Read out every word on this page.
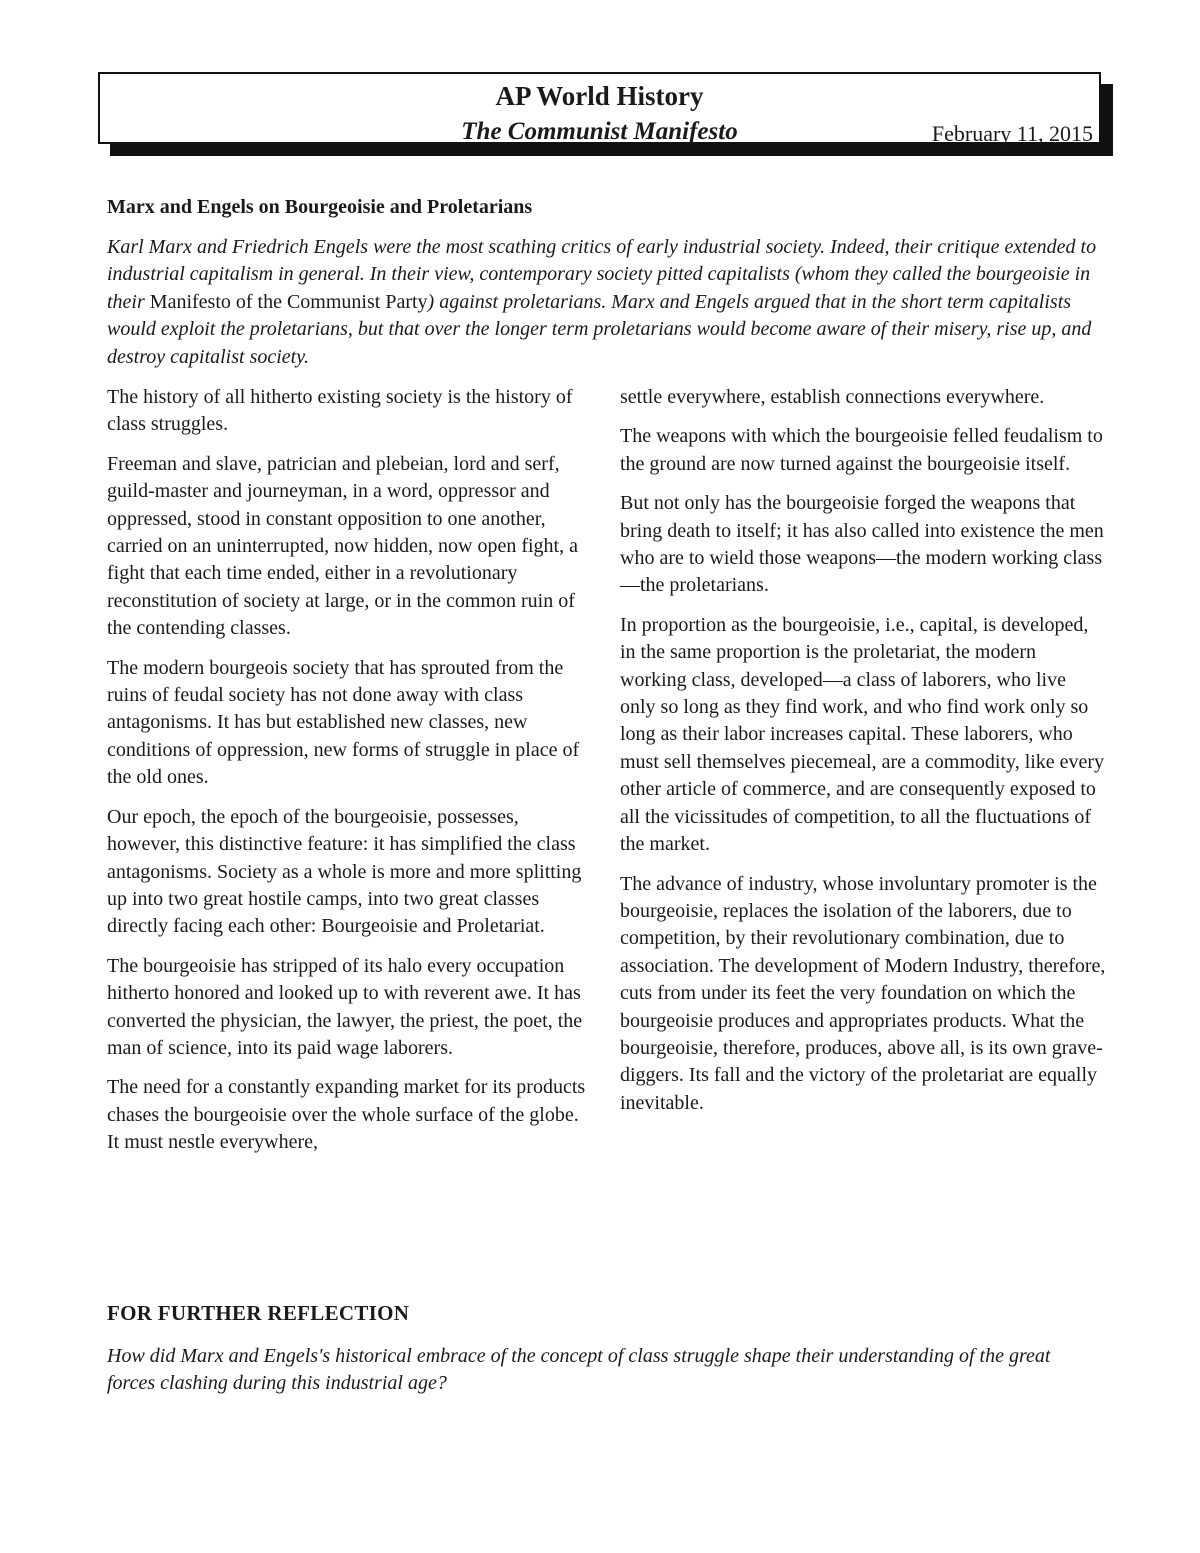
AP World History
The Communist Manifesto	February 11, 2015
Marx and Engels on Bourgeoisie and Proletarians

Karl Marx and Friedrich Engels were the most scathing critics of early industrial society. Indeed, their critique extended to industrial capitalism in general. In their view, contemporary society pitted capitalists (whom they called the bourgeoisie in their Manifesto of the Communist Party) against proletarians. Marx and Engels argued that in the short term capitalists would exploit the proletarians, but that over the longer term proletarians would become aware of their misery, rise up, and destroy capitalist society.

The history of all hitherto existing society is the history of class struggles.

Freeman and slave, patrician and plebeian, lord and serf, guild-master and journeyman, in a word, oppressor and oppressed, stood in constant opposition to one another, carried on an uninterrupted, now hidden, now open fight, a fight that each time ended, either in a revolutionary reconstitution of society at large, or in the common ruin of the contending classes.

The modern bourgeois society that has sprouted from the ruins of feudal society has not done away with class antagonisms. It has but established new classes, new conditions of oppression, new forms of struggle in place of the old ones.

Our epoch, the epoch of the bourgeoisie, possesses, however, this distinctive feature: it has simplified the class antagonisms. Society as a whole is more and more splitting up into two great hostile camps, into two great classes directly facing each other: Bourgeoisie and Proletariat.

The bourgeoisie has stripped of its halo every occupation hitherto honored and looked up to with reverent awe. It has converted the physician, the lawyer, the priest, the poet, the man of science, into its paid wage laborers.

The need for a constantly expanding market for its products chases the bourgeoisie over the whole surface of the globe. It must nestle everywhere,

settle everywhere, establish connections everywhere.

The weapons with which the bourgeoisie felled feudalism to the ground are now turned against the bourgeoisie itself.

But not only has the bourgeoisie forged the weapons that bring death to itself; it has also called into existence the men who are to wield those weapons—the modern working class—the proletarians.

In proportion as the bourgeoisie, i.e., capital, is developed, in the same proportion is the proletariat, the modern working class, developed—a class of laborers, who live only so long as they find work, and who find work only so long as their labor increases capital. These laborers, who must sell themselves piecemeal, are a commodity, like every other article of commerce, and are consequently exposed to all the vicissitudes of competition, to all the fluctuations of the market.

The advance of industry, whose involuntary promoter is the bourgeoisie, replaces the isolation of the laborers, due to competition, by their revolutionary combination, due to association. The development of Modern Industry, therefore, cuts from under its feet the very foundation on which the bourgeoisie produces and appropriates products. What the bourgeoisie, therefore, produces, above all, is its own grave-diggers. Its fall and the victory of the proletariat are equally inevitable.

FOR FURTHER REFLECTION

How did Marx and Engels's historical embrace of the concept of class struggle shape their understanding of the great forces clashing during this industrial age?
